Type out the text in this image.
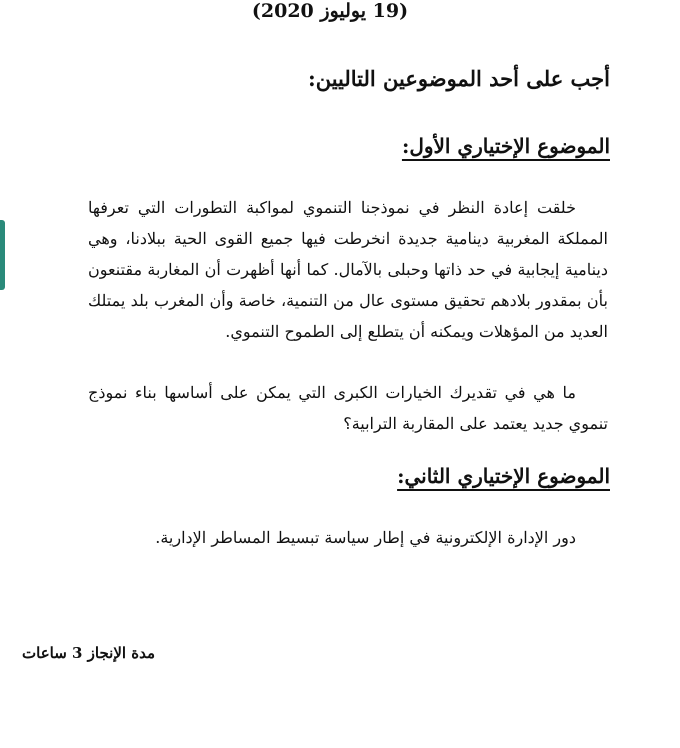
(19 يوليوز 2020)

أجب على أحد الموضوعين التاليين:

الموضوع الإختياري الأول:

خلقت إعادة النظر في نموذجنا التنموي لمواكبة التطورات التي تعرفها المملكة المغربية دينامية جديدة انخرطت فيها جميع القوى الحية ببلادنا، وهي دينامية إيجابية في حد ذاتها وحبلى بالآمال. كما أنها أظهرت أن المغاربة مقتنعون بأن بمقدور بلادهم تحقيق مستوى عال من التنمية، خاصة وأن المغرب بلد يمتلك العديد من المؤهلات ويمكنه أن يتطلع إلى الطموح التنموي.

ما هي في تقديرك الخيارات الكبرى التي يمكن على أساسها بناء نموذج تنموي جديد يعتمد على المقاربة الترابية؟

الموضوع الإختياري الثاني:

دور الإدارة الإلكترونية في إطار سياسة تبسيط المساطر الإدارية.

مدة الإنجاز 3 ساعات
